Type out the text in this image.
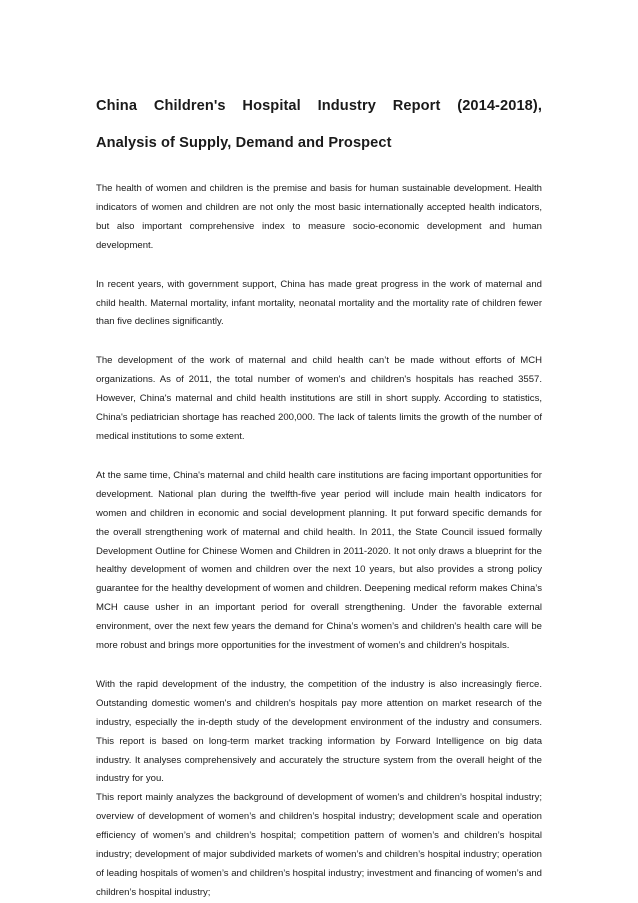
China Children's Hospital Industry Report (2014-2018), Analysis of Supply, Demand and Prospect

The health of women and children is the premise and basis for human sustainable development. Health indicators of women and children are not only the most basic internationally accepted health indicators, but also important comprehensive index to measure socio-economic development and human development.

In recent years, with government support, China has made great progress in the work of maternal and child health. Maternal mortality, infant mortality, neonatal mortality and the mortality rate of children fewer than five declines significantly.

The development of the work of maternal and child health can’t be made without efforts of MCH organizations. As of 2011, the total number of women's and children's hospitals has reached 3557. However, China's maternal and child health institutions are still in short supply. According to statistics, China's pediatrician shortage has reached 200,000. The lack of talents limits the growth of the number of medical institutions to some extent.

At the same time, China's maternal and child health care institutions are facing important opportunities for development. National plan during the twelfth-five year period will include main health indicators for women and children in economic and social development planning. It put forward specific demands for the overall strengthening work of maternal and child health. In 2011, the State Council issued formally Development Outline for Chinese Women and Children in 2011-2020. It not only draws a blueprint for the healthy development of women and children over the next 10 years, but also provides a strong policy guarantee for the healthy development of women and children. Deepening medical reform makes China’s MCH cause usher in an important period for overall strengthening. Under the favorable external environment, over the next few years the demand for China’s women’s and children's health care will be more robust and brings more opportunities for the investment of women’s and children's hospitals.

With the rapid development of the industry, the competition of the industry is also increasingly fierce. Outstanding domestic women's and children's hospitals pay more attention on market research of the industry, especially the in-depth study of the development environment of the industry and consumers. This report is based on long-term market tracking information by Forward Intelligence on big data industry. It analyses comprehensively and accurately the structure system from the overall height of the industry for you.

This report mainly analyzes the background of development of women’s and children’s hospital industry; overview of development of women’s and children’s hospital industry; development scale and operation efficiency of women’s and children’s hospital; competition pattern of women’s and children’s hospital industry; development of major subdivided markets of women’s and children’s hospital industry; operation of leading hospitals of women’s and children’s hospital industry; investment and financing of women’s and children’s hospital industry;
